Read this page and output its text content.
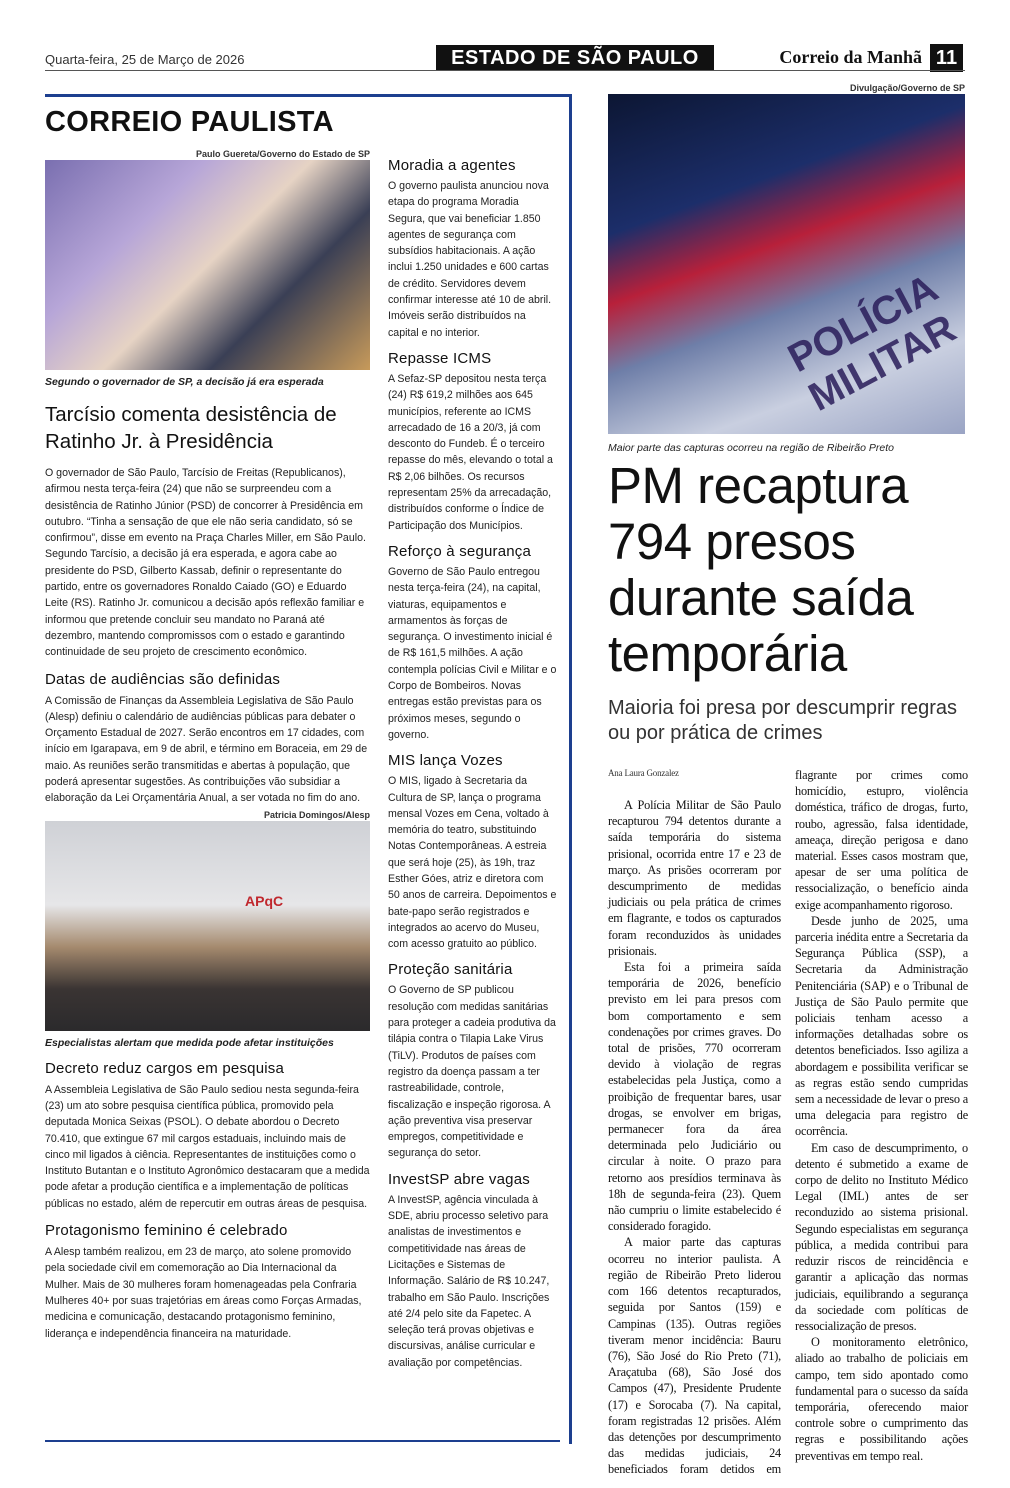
Quarta-feira, 25 de Março de 2026	ESTADO DE SÃO PAULO	Correio da Manhã 11
CORREIO PAULISTA
Paulo Guereta/Governo do Estado de SP
Segundo o governador de SP, a decisão já era esperada
Tarcísio comenta desistência de Ratinho Jr. à Presidência
O governador de São Paulo, Tarcísio de Freitas (Republicanos), afirmou nesta terça-feira (24) que não se surpreendeu com a desistência de Ratinho Júnior (PSD) de concorrer à Presidência em outubro. “Tinha a sensação de que ele não seria candidato, só se confirmou”, disse em evento na Praça Charles Miller, em São Paulo. Segundo Tarcísio, a decisão já era esperada, e agora cabe ao presidente do PSD, Gilberto Kassab, definir o representante do partido, entre os governadores Ronaldo Caiado (GO) e Eduardo Leite (RS). Ratinho Jr. comunicou a decisão após reflexão familiar e informou que pretende concluir seu mandato no Paraná até dezembro, mantendo compromissos com o estado e garantindo continuidade de seu projeto de crescimento econômico.
Datas de audiências são definidas
A Comissão de Finanças da Assembleia Legislativa de São Paulo (Alesp) definiu o calendário de audiências públicas para debater o Orçamento Estadual de 2027. Serão encontros em 17 cidades, com início em Igarapava, em 9 de abril, e término em Boraceia, em 29 de maio. As reuniões serão transmitidas e abertas à população, que poderá apresentar sugestões. As contribuições vão subsidiar a elaboração da Lei Orçamentária Anual, a ser votada no fim do ano.
Patricia Domingos/Alesp
APqC
Especialistas alertam que medida pode afetar instituições
Decreto reduz cargos em pesquisa
A Assembleia Legislativa de São Paulo sediou nesta segunda-feira (23) um ato sobre pesquisa científica pública, promovido pela deputada Monica Seixas (PSOL). O debate abordou o Decreto 70.410, que extingue 67 mil cargos estaduais, incluindo mais de cinco mil ligados à ciência. Representantes de instituições como o Instituto Butantan e o Instituto Agronômico destacaram que a medida pode afetar a produção científica e a implementação de políticas públicas no estado, além de repercutir em outras áreas de pesquisa.
Protagonismo feminino é celebrado
A Alesp também realizou, em 23 de março, ato solene promovido pela sociedade civil em comemoração ao Dia Internacional da Mulher. Mais de 30 mulheres foram homenageadas pela Confraria Mulheres 40+ por suas trajetórias em áreas como Forças Armadas, medicina e comunicação, destacando protagonismo feminino, liderança e independência financeira na maturidade.
Moradia a agentes
O governo paulista anunciou nova etapa do programa Moradia Segura, que vai beneficiar 1.850 agentes de segurança com subsídios habitacionais. A ação inclui 1.250 unidades e 600 cartas de crédito. Servidores devem confirmar interesse até 10 de abril. Imóveis serão distribuídos na capital e no interior.
Repasse ICMS
A Sefaz-SP depositou nesta terça (24) R$ 619,2 milhões aos 645 municípios, referente ao ICMS arrecadado de 16 a 20/3, já com desconto do Fundeb. É o terceiro repasse do mês, elevando o total a R$ 2,06 bilhões. Os recursos representam 25% da arrecadação, distribuídos conforme o Índice de Participação dos Municípios.
Reforço à segurança
Governo de São Paulo entregou nesta terça-feira (24), na capital, viaturas, equipamentos e armamentos às forças de segurança. O investimento inicial é de R$ 161,5 milhões. A ação contempla polícias Civil e Militar e o Corpo de Bombeiros. Novas entregas estão previstas para os próximos meses, segundo o governo.
MIS lança Vozes
O MIS, ligado à Secretaria da Cultura de SP, lança o programa mensal Vozes em Cena, voltado à memória do teatro, substituindo Notas Contemporâneas. A estreia que será hoje (25), às 19h, traz Esther Góes, atriz e diretora com 50 anos de carreira. Depoimentos e bate-papo serão registrados e integrados ao acervo do Museu, com acesso gratuito ao público.
Proteção sanitária
O Governo de SP publicou resolução com medidas sanitárias para proteger a cadeia produtiva da tilápia contra o Tilapia Lake Virus (TiLV). Produtos de países com registro da doença passam a ter rastreabilidade, controle, fiscalização e inspeção rigorosa. A ação preventiva visa preservar empregos, competitividade e segurança do setor.
InvestSP abre vagas
A InvestSP, agência vinculada à SDE, abriu processo seletivo para analistas de investimentos e competitividade nas áreas de Licitações e Sistemas de Informação. Salário de R$ 10.247, trabalho em São Paulo. Inscrições até 2/4 pelo site da Fapetec. A seleção terá provas objetivas e discursivas, análise curricular e avaliação por competências.
Divulgação/Governo de SP
POLÍCIA MILITAR
Maior parte das capturas ocorreu na região de Ribeirão Preto
PM recaptura 794 presos durante saída temporária
Maioria foi presa por descumprir regras ou por prática de crimes
Ana Laura Gonzalez

A Polícia Militar de São Paulo recapturou 794 detentos durante a saída temporária do sistema prisional, ocorrida entre 17 e 23 de março. As prisões ocorreram por descumprimento de medidas judiciais ou pela prática de crimes em flagrante, e todos os capturados foram reconduzidos às unidades prisionais.

Esta foi a primeira saída temporária de 2026, benefício previsto em lei para presos com bom comportamento e sem condenações por crimes graves. Do total de prisões, 770 ocorreram devido à violação de regras estabelecidas pela Justiça, como a proibição de frequentar bares, usar drogas, se envolver em brigas, permanecer fora da área determinada pelo Judiciário ou circular à noite. O prazo para retorno aos presídios terminava às 18h de segunda-feira (23). Quem não cumpriu o limite estabelecido é considerado foragido.

A maior parte das capturas ocorreu no interior paulista. A região de Ribeirão Preto liderou com 166 detentos recapturados, seguida por Santos (159) e Campinas (135). Outras regiões tiveram menor incidência: Bauru (76), São José do Rio Preto (71), Araçatuba (68), São José dos Campos (47), Presidente Prudente (17) e Sorocaba (7). Na capital, foram registradas 12 prisões. Além das detenções por descumprimento das medidas judiciais, 24 beneficiados foram detidos em flagrante por crimes como homicídio, estupro, violência doméstica, tráfico de drogas, furto, roubo, agressão, falsa identidade, ameaça, direção perigosa e dano material. Esses casos mostram que, apesar de ser uma política de ressocialização, o benefício ainda exige acompanhamento rigoroso.

Desde junho de 2025, uma parceria inédita entre a Secretaria da Segurança Pública (SSP), a Secretaria da Administração Penitenciária (SAP) e o Tribunal de Justiça de São Paulo permite que policiais tenham acesso a informações detalhadas sobre os detentos beneficiados. Isso agiliza a abordagem e possibilita verificar se as regras estão sendo cumpridas sem a necessidade de levar o preso a uma delegacia para registro de ocorrência.

Em caso de descumprimento, o detento é submetido a exame de corpo de delito no Instituto Médico Legal (IML) antes de ser reconduzido ao sistema prisional. Segundo especialistas em segurança pública, a medida contribui para reduzir riscos de reincidência e garantir a aplicação das normas judiciais, equilibrando a segurança da sociedade com políticas de ressocialização de presos.

O monitoramento eletrônico, aliado ao trabalho de policiais em campo, tem sido apontado como fundamental para o sucesso da saída temporária, oferecendo maior controle sobre o cumprimento das regras e possibilitando ações preventivas em tempo real.
